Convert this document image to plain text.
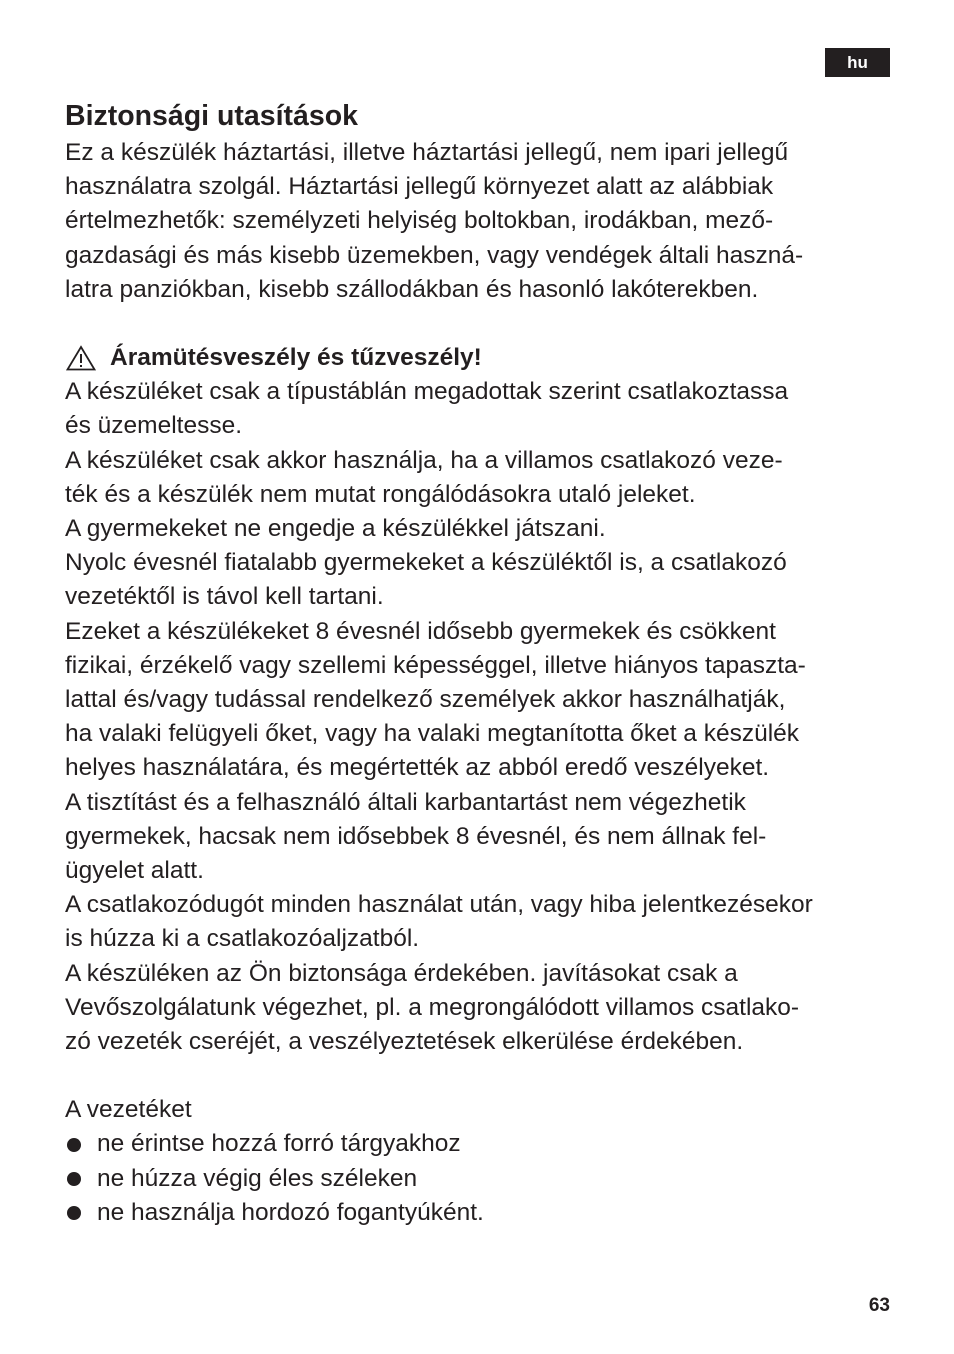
hu
Biztonsági utasítások

Ez a készülék háztartási, illetve háztartási jellegű, nem ipari jellegű

használatra szolgál. Háztartási jellegű környezet alatt az alábbiak

értelmezhetők: személyzeti helyiség boltokban, irodákban, mező-

gazdasági és más kisebb üzemekben, vagy vendégek általi haszná-

latra panziókban, kisebb szállodákban és hasonló lakóterekben.

Áramütésveszély és tűzveszély!

A készüléket csak a típustáblán megadottak szerint csatlakoztassa

és üzemeltesse.

A készüléket csak akkor használja, ha a villamos csatlakozó veze-

ték és a készülék nem mutat rongálódásokra utaló jeleket.

A gyermekeket ne engedje a készülékkel játszani.

Nyolc évesnél fiatalabb gyermekeket a készüléktől is, a csatlakozó

vezetéktől is távol kell tartani.

Ezeket a készülékeket 8 évesnél idősebb gyermekek és csökkent

fizikai, érzékelő vagy szellemi képességgel, illetve hiányos tapaszta-

lattal és/vagy tudással rendelkező személyek akkor használhatják,

ha valaki felügyeli őket, vagy ha valaki megtanította őket a készülék

helyes használatára, és megértették az abból eredő veszélyeket.

A tisztítást és a felhasználó általi karbantartást nem végezhetik

gyermekek, hacsak nem idősebbek 8 évesnél, és nem állnak fel-

ügyelet alatt.

A csatlakozódugót minden használat után, vagy hiba jelentkezésekor

is húzza ki a csatlakozóaljzatból.

A készüléken az Ön biztonsága érdekében. javításokat csak a

Vevőszolgálatunk végezhet, pl. a megrongálódott villamos csatlako-

zó vezeték cseréjét, a veszélyeztetések elkerülése érdekében.

A vezetéket

ne érintse hozzá forró tárgyakhoz
ne húzza végig éles széleken
ne használja hordozó fogantyúként.
63
